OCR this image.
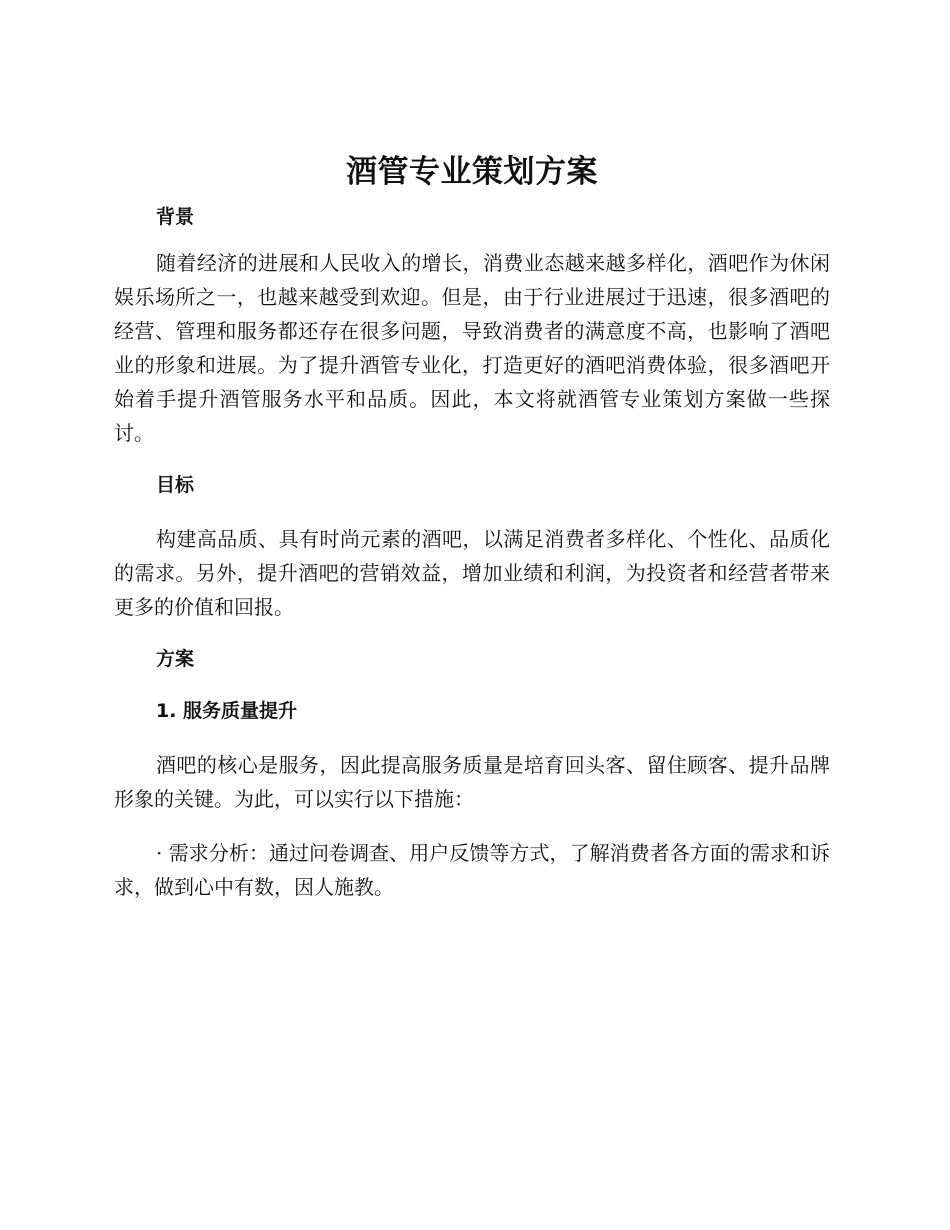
酒管专业策划方案
背景

随着经济的进展和人民收入的增长，消费业态越来越多样化，酒吧作为休闲娱乐场所之一，也越来越受到欢迎。但是，由于行业进展过于迅速，很多酒吧的经营、管理和服务都还存在很多问题，导致消费者的满意度不高，也影响了酒吧业的形象和进展。为了提升酒管专业化，打造更好的酒吧消费体验，很多酒吧开始着手提升酒管服务水平和品质。因此，本文将就酒管专业策划方案做一些探讨。

目标

构建高品质、具有时尚元素的酒吧，以满足消费者多样化、个性化、品质化的需求。另外，提升酒吧的营销效益，增加业绩和利润，为投资者和经营者带来更多的价值和回报。

方案
1. 服务质量提升

酒吧的核心是服务，因此提高服务质量是培育回头客、留住顾客、提升品牌形象的关键。为此，可以实行以下措施：

· 需求分析：通过问卷调查、用户反馈等方式，了解消费者各方面的需求和诉求，做到心中有数，因人施教。
